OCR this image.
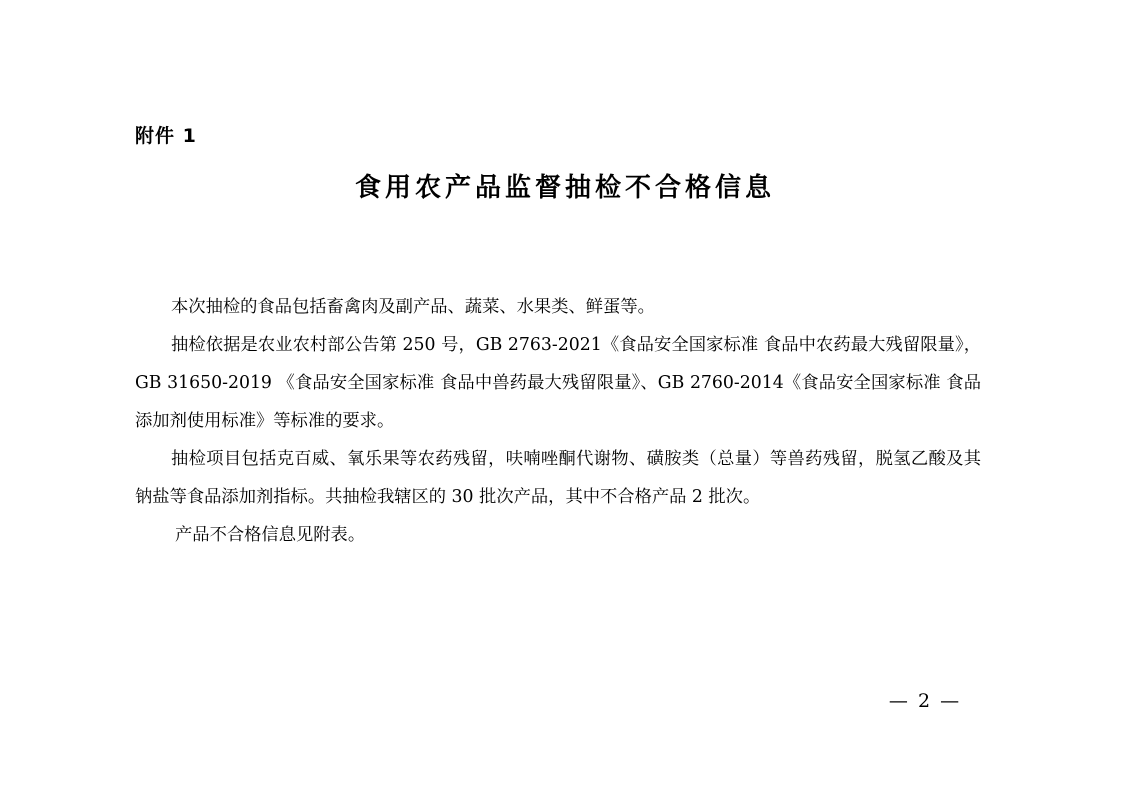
附件 1
食用农产品监督抽检不合格信息

本次抽检的食品包括畜禽肉及副产品、蔬菜、水果类、鲜蛋等。

抽检依据是农业农村部公告第 250 号，GB 2763-2021《食品安全国家标准 食品中农药最大残留限量》，GB 31650-2019 《食品安全国家标准 食品中兽药最大残留限量》、GB 2760-2014《食品安全国家标准 食品添加剂使用标准》等标准的要求。

抽检项目包括克百威、氧乐果等农药残留，呋喃唑酮代谢物、磺胺类（总量）等兽药残留，脱氢乙酸及其钠盐等食品添加剂指标。共抽检我辖区的 30 批次产品，其中不合格产品 2 批次。

产品不合格信息见附表。

— 2 —
